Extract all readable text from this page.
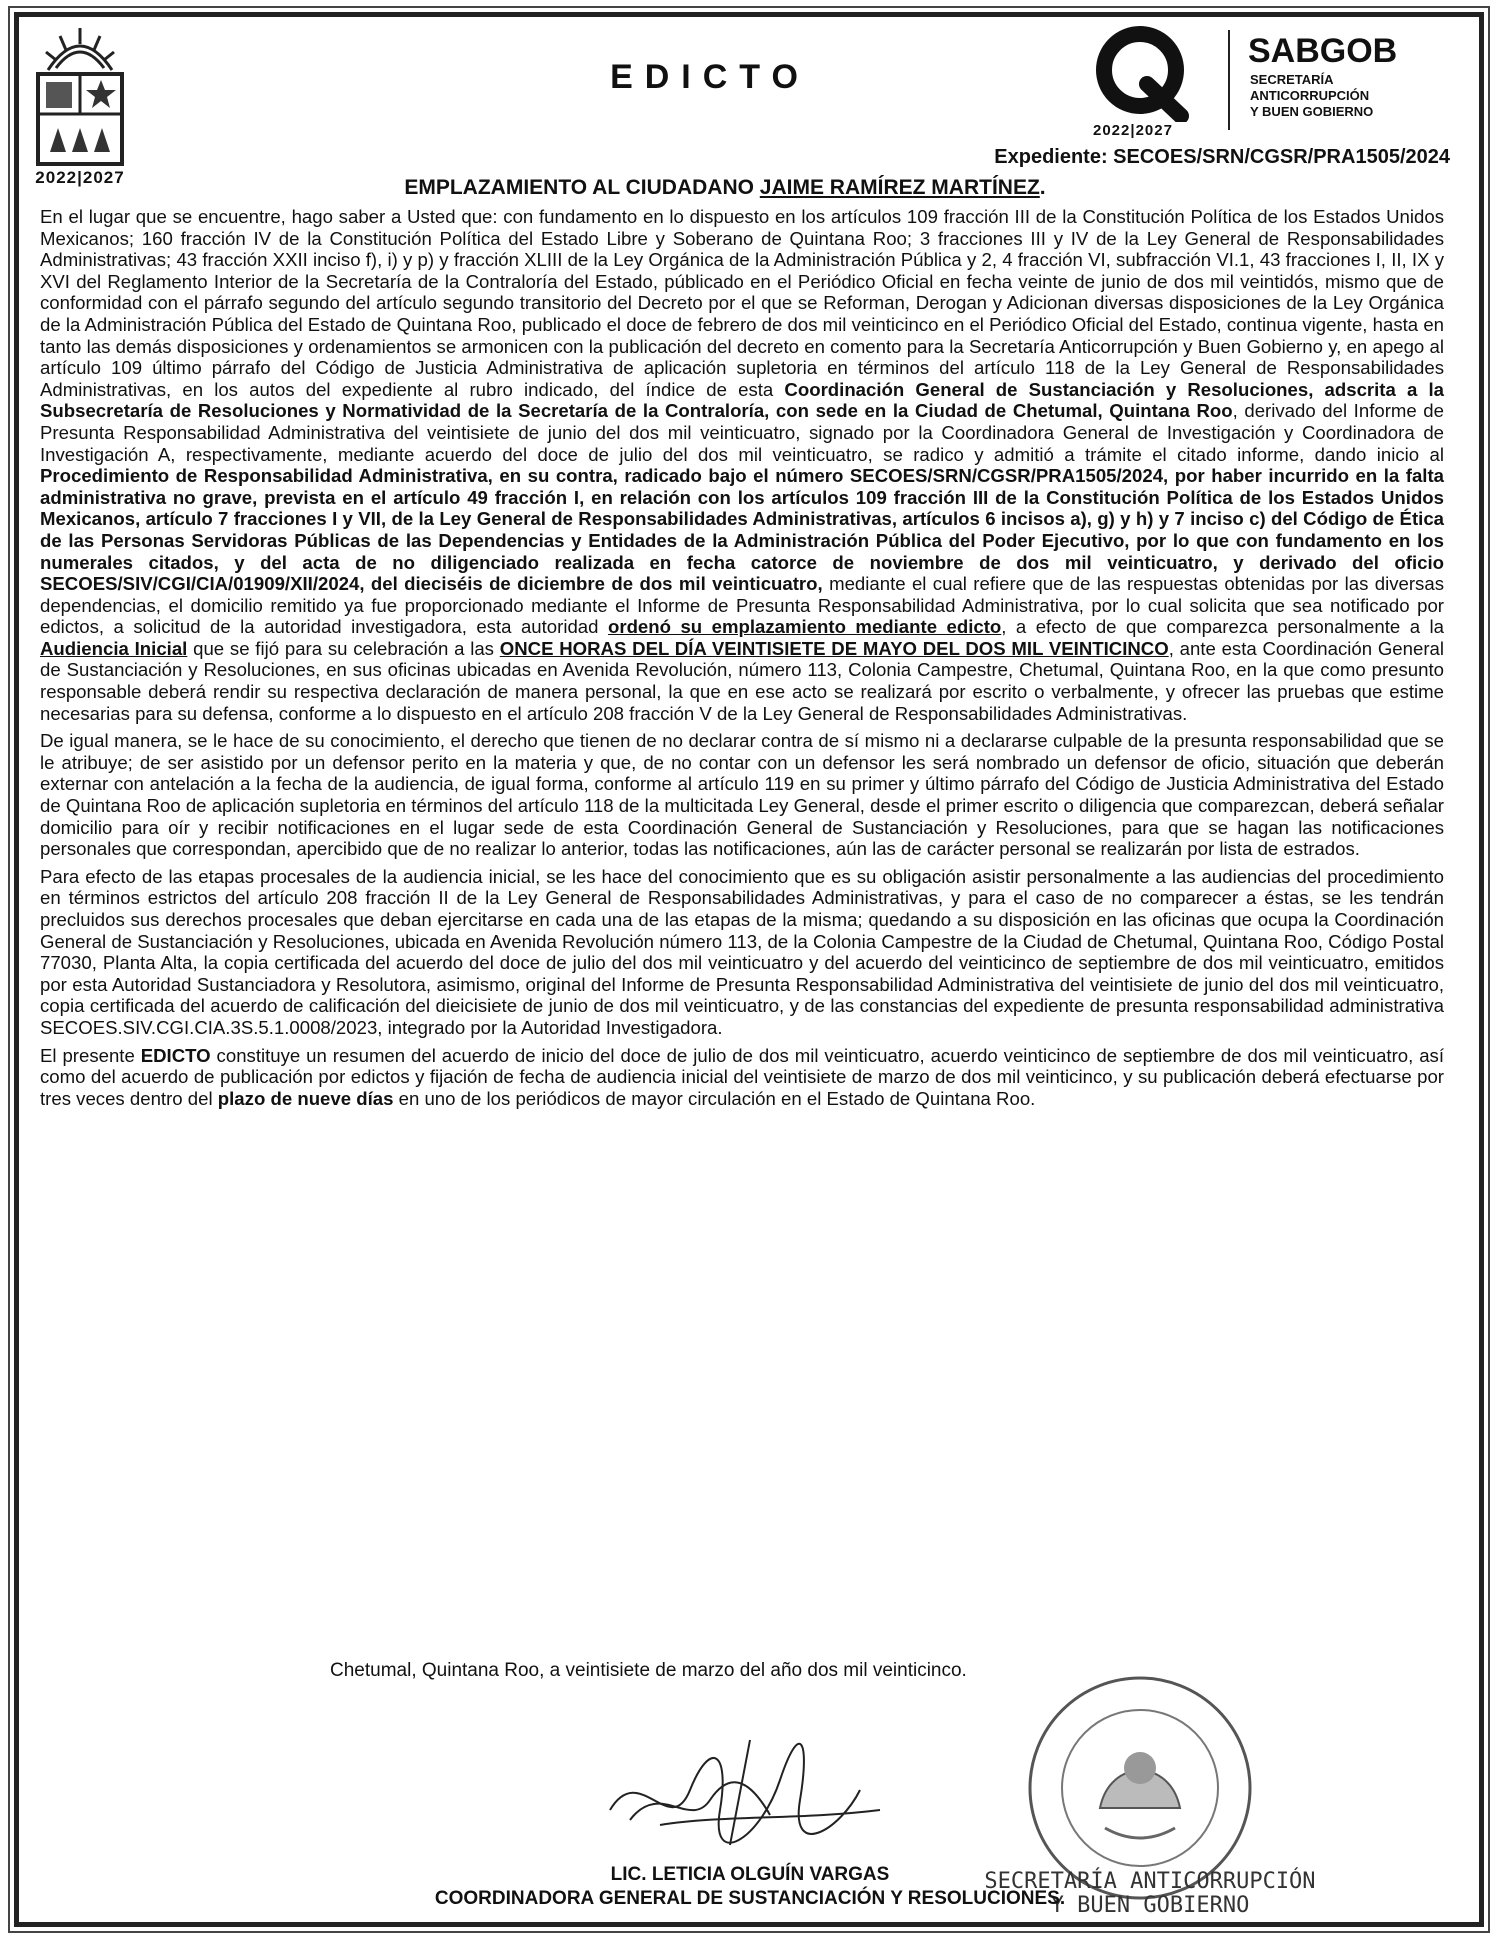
2022|2027
EDICTO
2022|2027
SABGOB
SECRETARÍA
ANTICORRUPCIÓN
Y BUEN GOBIERNO
Expediente: SECOES/SRN/CGSR/PRA1505/2024
EMPLAZAMIENTO AL CIUDADANO JAIME RAMÍREZ MARTÍNEZ.

En el lugar que se encuentre, hago saber a Usted que: con fundamento en lo dispuesto en los artículos 109 fracción III de la Constitución Política de los Estados Unidos Mexicanos; 160 fracción IV de la Constitución Política del Estado Libre y Soberano de Quintana Roo; 3 fracciones III y IV de la Ley General de Responsabilidades Administrativas; 43 fracción XXII inciso f), i) y p) y fracción XLIII de la Ley Orgánica de la Administración Pública y 2, 4 fracción VI, subfracción VI.1, 43 fracciones I, II, IX y XVI del Reglamento Interior de la Secretaría de la Contraloría del Estado, públicado en el Periódico Oficial en fecha veinte de junio de dos mil veintidós, mismo que de conformidad con el párrafo segundo del artículo segundo transitorio del Decreto por el que se Reforman, Derogan y Adicionan diversas disposiciones de la Ley Orgánica de la Administración Pública del Estado de Quintana Roo, publicado el doce de febrero de dos mil veinticinco en el Periódico Oficial del Estado, continua vigente, hasta en tanto las demás disposiciones y ordenamientos se armonicen con la publicación del decreto en comento para la Secretaría Anticorrupción y Buen Gobierno y, en apego al artículo 109 último párrafo del Código de Justicia Administrativa de aplicación supletoria en términos del artículo 118 de la Ley General de Responsabilidades Administrativas, en los autos del expediente al rubro indicado, del índice de esta Coordinación General de Sustanciación y Resoluciones, adscrita a la Subsecretaría de Resoluciones y Normatividad de la Secretaría de la Contraloría, con sede en la Ciudad de Chetumal, Quintana Roo, derivado del Informe de Presunta Responsabilidad Administrativa del veintisiete de junio del dos mil veinticuatro, signado por la Coordinadora General de Investigación y Coordinadora de Investigación A, respectivamente, mediante acuerdo del doce de julio del dos mil veinticuatro, se radico y admitió a trámite el citado informe, dando inicio al Procedimiento de Responsabilidad Administrativa, en su contra, radicado bajo el número SECOES/SRN/CGSR/PRA1505/2024, por haber incurrido en la falta administrativa no grave, prevista en el artículo 49 fracción I, en relación con los artículos 109 fracción III de la Constitución Política de los Estados Unidos Mexicanos, artículo 7 fracciones I y VII, de la Ley General de Responsabilidades Administrativas, artículos 6 incisos a), g) y h) y 7 inciso c) del Código de Ética de las Personas Servidoras Públicas de las Dependencias y Entidades de la Administración Pública del Poder Ejecutivo, por lo que con fundamento en los numerales citados, y del acta de no diligenciado realizada en fecha catorce de noviembre de dos mil veinticuatro, y derivado del oficio SECOES/SIV/CGI/CIA/01909/XII/2024, del dieciséis de diciembre de dos mil veinticuatro, mediante el cual refiere que de las respuestas obtenidas por las diversas dependencias, el domicilio remitido ya fue proporcionado mediante el Informe de Presunta Responsabilidad Administrativa, por lo cual solicita que sea notificado por edictos, a solicitud de la autoridad investigadora, esta autoridad ordenó su emplazamiento mediante edicto, a efecto de que comparezca personalmente a la Audiencia Inicial que se fijó para su celebración a las ONCE HORAS DEL DÍA VEINTISIETE DE MAYO DEL DOS MIL VEINTICINCO, ante esta Coordinación General de Sustanciación y Resoluciones, en sus oficinas ubicadas en Avenida Revolución, número 113, Colonia Campestre, Chetumal, Quintana Roo, en la que como presunto responsable deberá rendir su respectiva declaración de manera personal, la que en ese acto se realizará por escrito o verbalmente, y ofrecer las pruebas que estime necesarias para su defensa, conforme a lo dispuesto en el artículo 208 fracción V de la Ley General de Responsabilidades Administrativas.

De igual manera, se le hace de su conocimiento, el derecho que tienen de no declarar contra de sí mismo ni a declararse culpable de la presunta responsabilidad que se le atribuye; de ser asistido por un defensor perito en la materia y que, de no contar con un defensor les será nombrado un defensor de oficio, situación que deberán externar con antelación a la fecha de la audiencia, de igual forma, conforme al artículo 119 en su primer y último párrafo del Código de Justicia Administrativa del Estado de Quintana Roo de aplicación supletoria en términos del artículo 118 de la multicitada Ley General, desde el primer escrito o diligencia que comparezcan, deberá señalar domicilio para oír y recibir notificaciones en el lugar sede de esta Coordinación General de Sustanciación y Resoluciones, para que se hagan las notificaciones personales que correspondan, apercibido que de no realizar lo anterior, todas las notificaciones, aún las de carácter personal se realizarán por lista de estrados.

Para efecto de las etapas procesales de la audiencia inicial, se les hace del conocimiento que es su obligación asistir personalmente a las audiencias del procedimiento en términos estrictos del artículo 208 fracción II de la Ley General de Responsabilidades Administrativas, y para el caso de no comparecer a éstas, se les tendrán precluidos sus derechos procesales que deban ejercitarse en cada una de las etapas de la misma; quedando a su disposición en las oficinas que ocupa la Coordinación General de Sustanciación y Resoluciones, ubicada en Avenida Revolución número 113, de la Colonia Campestre de la Ciudad de Chetumal, Quintana Roo, Código Postal 77030, Planta Alta, la copia certificada del acuerdo del doce de julio del dos mil veinticuatro y del acuerdo del veinticinco de septiembre de dos mil veinticuatro, emitidos por esta Autoridad Sustanciadora y Resolutora, asimismo, original del Informe de Presunta Responsabilidad Administrativa del veintisiete de junio del dos mil veinticuatro, copia certificada del acuerdo de calificación del dieicisiete de junio de dos mil veinticuatro, y de las constancias del expediente de presunta responsabilidad administrativa SECOES.SIV.CGI.CIA.3S.5.1.0008/2023, integrado por la Autoridad Investigadora.

El presente EDICTO constituye un resumen del acuerdo de inicio del doce de julio de dos mil veinticuatro, acuerdo veinticinco de septiembre de dos mil veinticuatro, así como del acuerdo de publicación por edictos y fijación de fecha de audiencia inicial del veintisiete de marzo de dos mil veinticinco, y su publicación deberá efectuarse por tres veces dentro del plazo de nueve días en uno de los periódicos de mayor circulación en el Estado de Quintana Roo.

Chetumal, Quintana Roo, a veintisiete de marzo del año dos mil veinticinco.
SECRETARÍA ANTICORRUPCIÓN
Y BUEN GOBIERNO
LIC. LETICIA OLGUÍN VARGAS
COORDINADORA GENERAL DE SUSTANCIACIÓN Y RESOLUCIONES.
